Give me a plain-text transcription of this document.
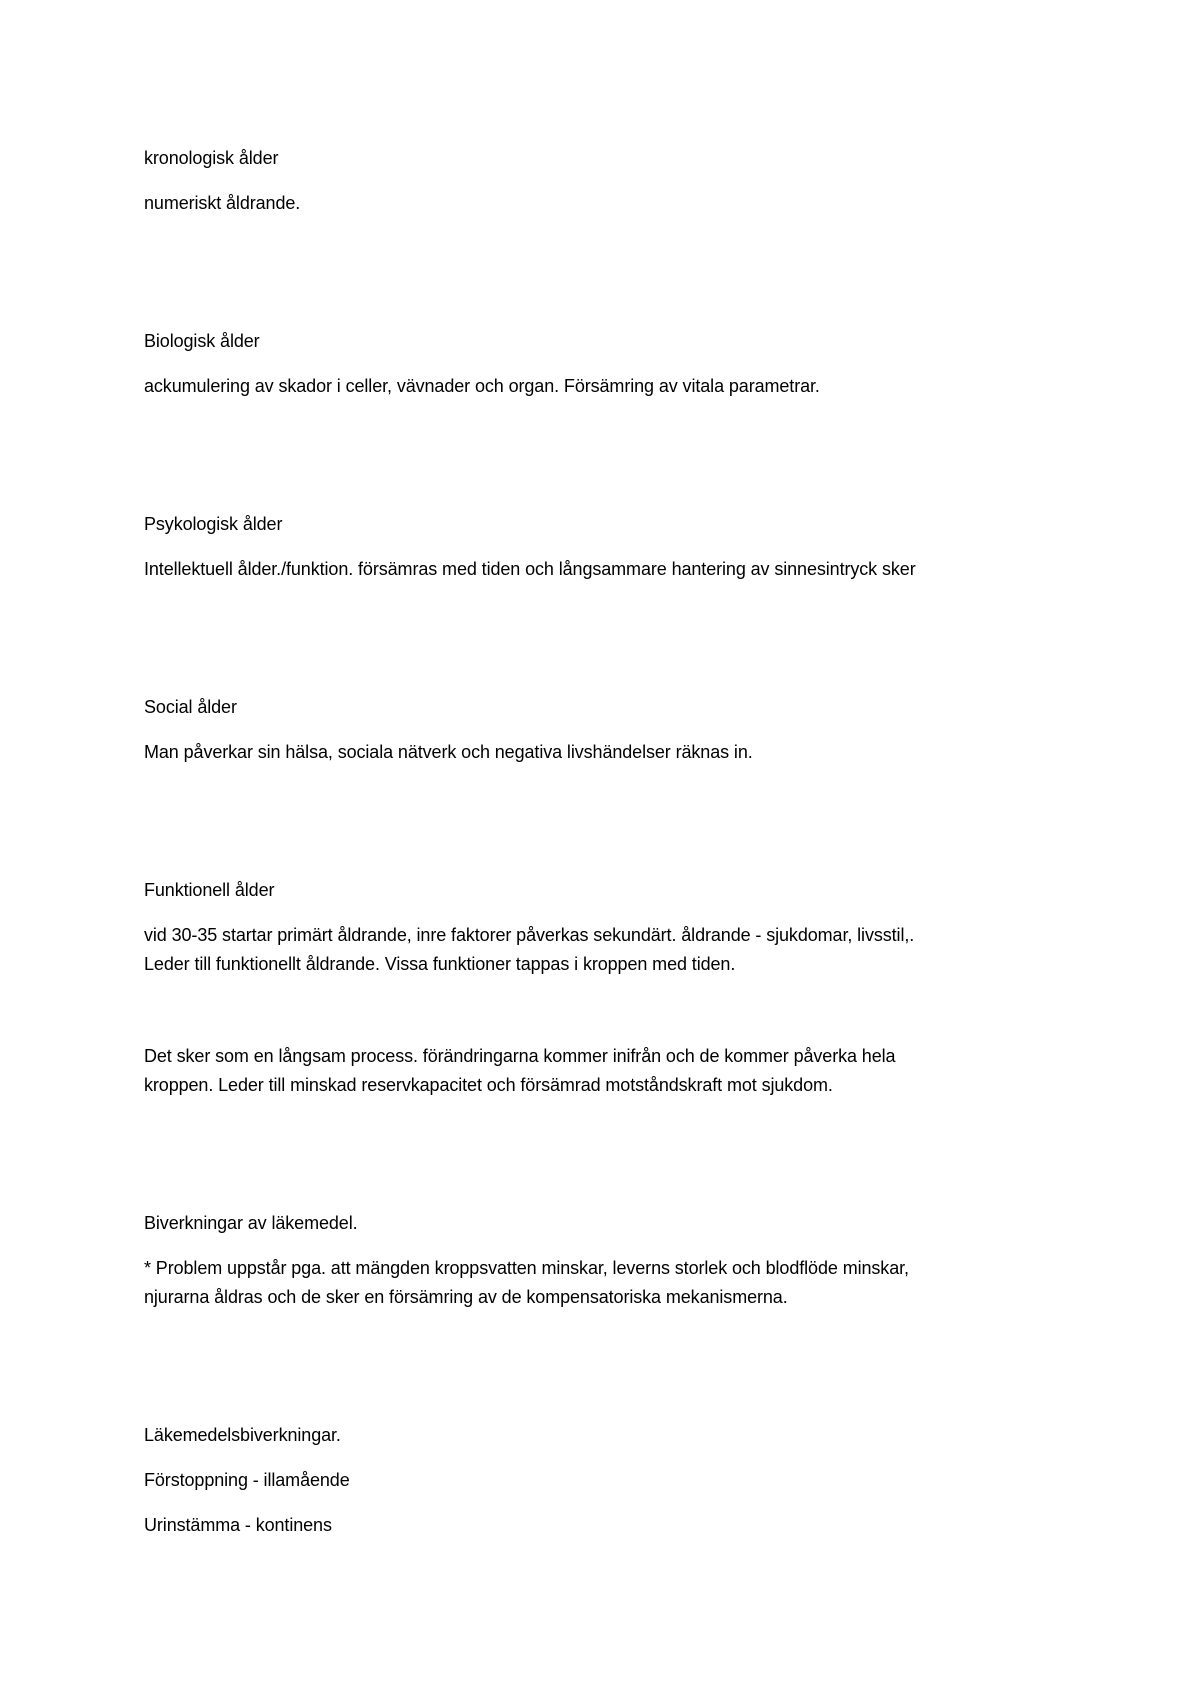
kronologisk ålder
numeriskt åldrande.
Biologisk ålder
ackumulering av skador i celler, vävnader och organ. Försämring av vitala parametrar.
Psykologisk ålder
Intellektuell ålder./funktion. försämras med tiden och långsammare hantering av sinnesintryck sker
Social ålder
Man påverkar sin hälsa, sociala nätverk och negativa livshändelser räknas in.
Funktionell ålder
vid 30-35 startar primärt åldrande, inre faktorer påverkas sekundärt. åldrande - sjukdomar, livsstil,.
Leder till funktionellt åldrande. Vissa funktioner tappas i kroppen med tiden.
Det sker som en långsam process. förändringarna kommer inifrån och de kommer påverka hela
kroppen. Leder till minskad reservkapacitet och försämrad motståndskraft mot sjukdom.
Biverkningar av läkemedel.
* Problem uppstår pga. att mängden kroppsvatten minskar, leverns storlek och blodflöde minskar,
njurarna åldras och de sker en försämring av de kompensatoriska mekanismerna.
Läkemedelsbiverkningar.
Förstoppning - illamående
Urinstämma - kontinens
